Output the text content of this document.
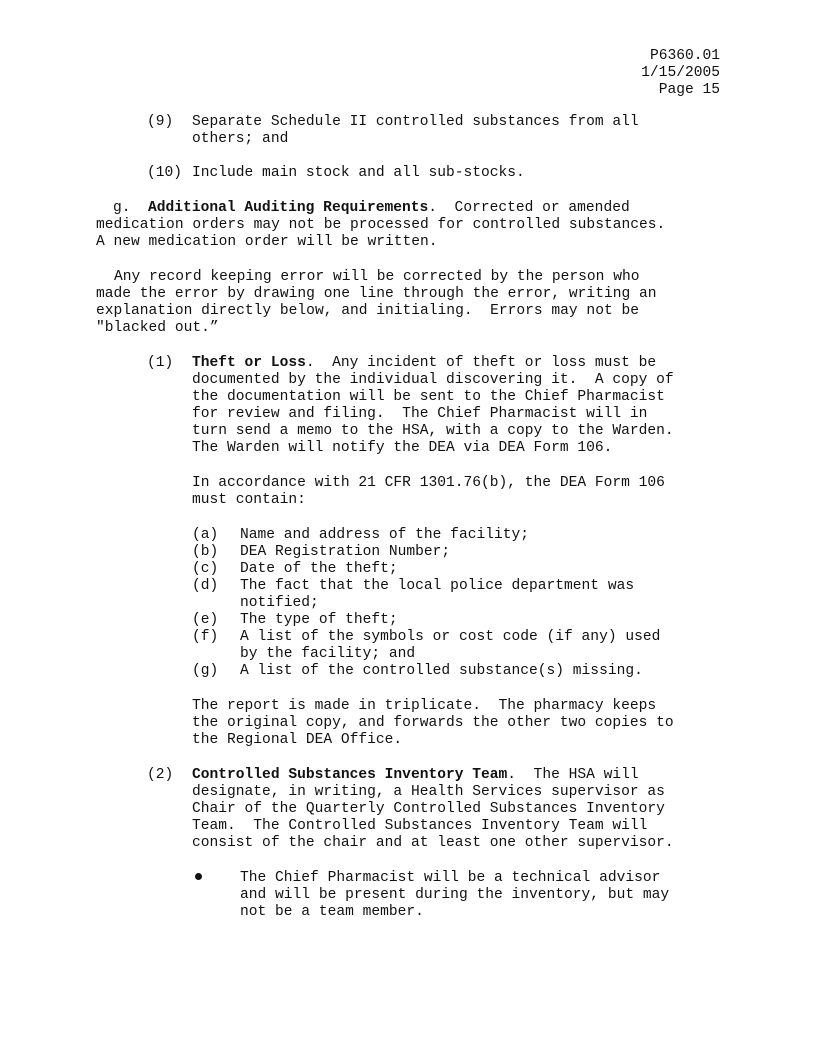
P6360.01
1/15/2005
Page 15
(9) Separate Schedule II controlled substances from all
others; and
(10) Include main stock and all sub-stocks.
g. Additional Auditing Requirements.  Corrected or amended
medication orders may not be processed for controlled substances.
A new medication order will be written.
Any record keeping error will be corrected by the person who
made the error by drawing one line through the error, writing an
explanation directly below, and initialing.  Errors may not be
"blacked out.”
(1) Theft or Loss.  Any incident of theft or loss must be
documented by the individual discovering it.  A copy of
the documentation will be sent to the Chief Pharmacist
for review and filing.  The Chief Pharmacist will in
turn send a memo to the HSA, with a copy to the Warden.
The Warden will notify the DEA via DEA Form 106.
In accordance with 21 CFR 1301.76(b), the DEA Form 106
must contain:
(a) Name and address of the facility;
(b) DEA Registration Number;
(c) Date of the theft;
(d) The fact that the local police department was
notified;
(e) The type of theft;
(f) A list of the symbols or cost code (if any) used
by the facility; and
(g) A list of the controlled substance(s) missing.
The report is made in triplicate.  The pharmacy keeps
the original copy, and forwards the other two copies to
the Regional DEA Office.
(2) Controlled Substances Inventory Team.  The HSA will
designate, in writing, a Health Services supervisor as
Chair of the Quarterly Controlled Substances Inventory
Team.  The Controlled Substances Inventory Team will
consist of the chair and at least one other supervisor.
The Chief Pharmacist will be a technical advisor
and will be present during the inventory, but may
not be a team member.
